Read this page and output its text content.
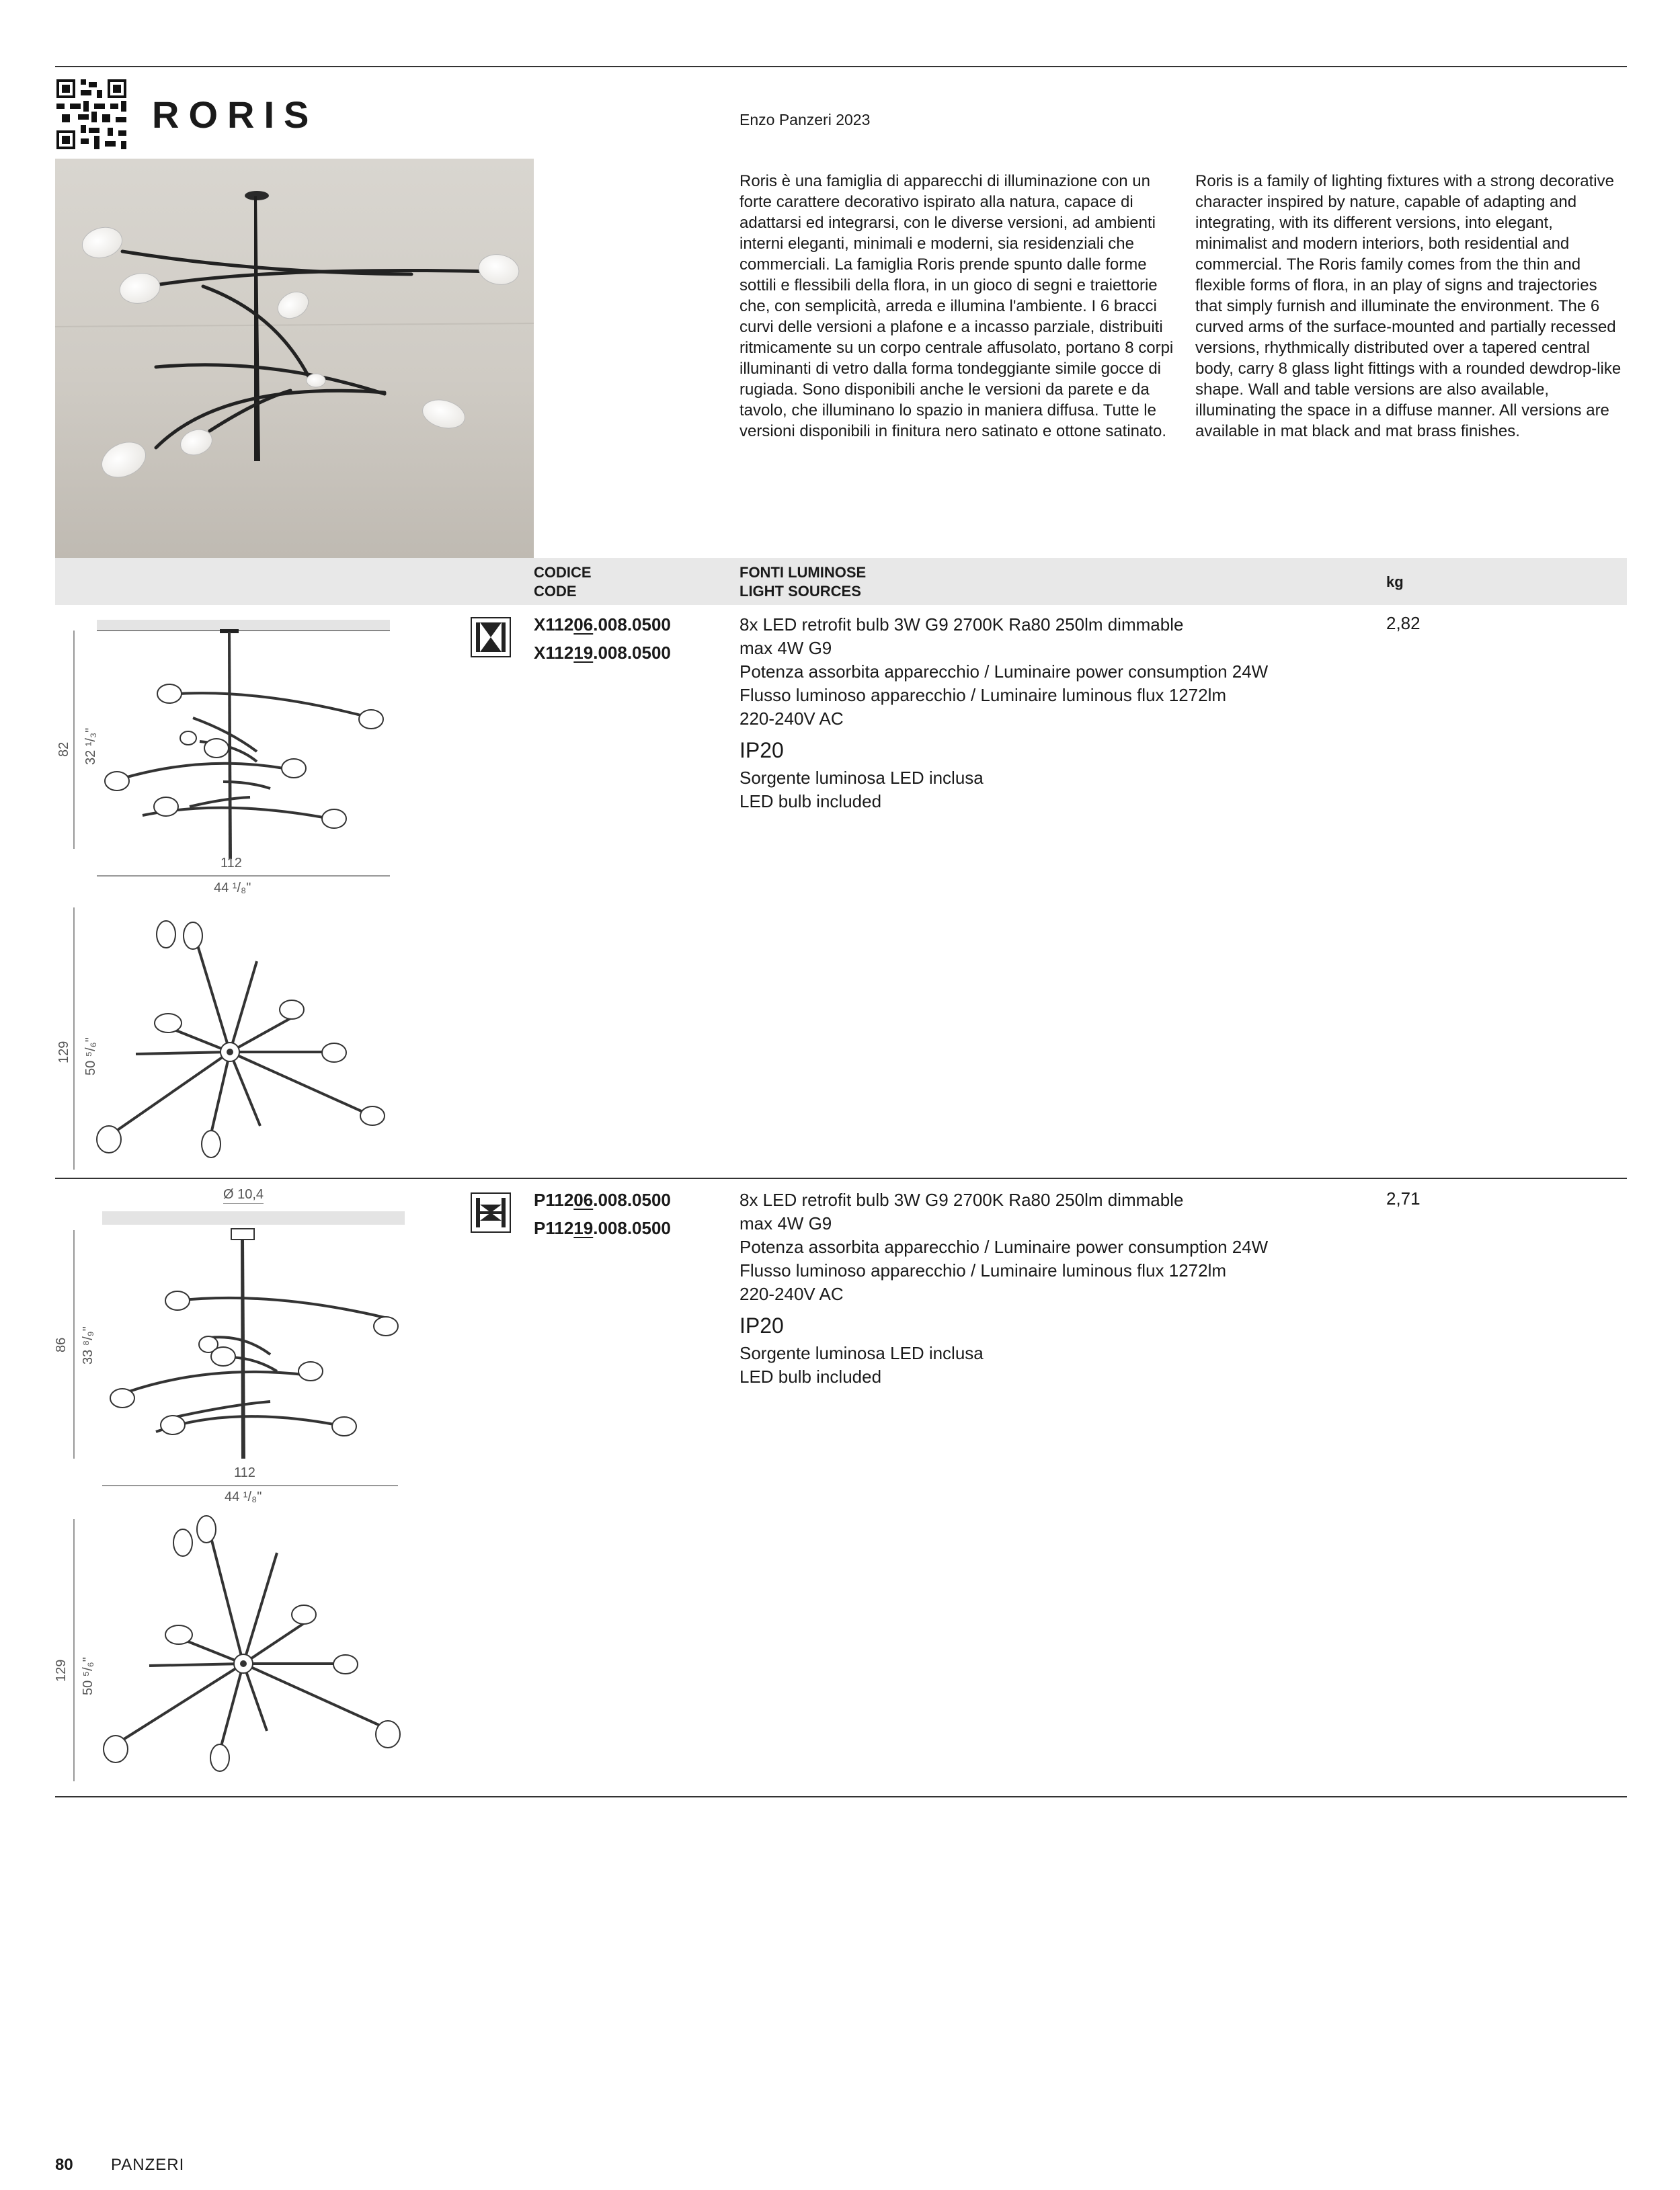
RORIS	Enzo Panzeri 2023
Roris è una famiglia di apparecchi di illuminazione con un forte carattere decorativo ispirato alla natura, capace di adattarsi ed integrarsi, con le diverse versioni, ad ambienti interni eleganti, minimali e moderni, sia residenziali che commerciali. La famiglia Roris prende spunto dalle forme sottili e flessibili della flora, in un gioco di segni e traiettorie che, con semplicità, arreda e illumina l'ambiente. I 6 bracci curvi delle versioni a plafone e a incasso parziale, distribuiti ritmicamente su un corpo centrale affusolato, portano 8 corpi illuminanti di vetro dalla forma tondeggiante simile gocce di rugiada. Sono disponibili anche le versioni da parete e da tavolo, che illuminano lo spazio in maniera diffusa. Tutte le versioni disponibili in finitura nero satinato e ottone satinato.
Roris is a family of lighting fixtures with a strong decorative character inspired by nature, capable of adapting and integrating, with its different versions, into elegant, minimalist and modern interiors, both residential and commercial. The Roris family comes from the thin and flexible forms of flora, in an play of signs and trajectories that simply furnish and illuminate the environment. The 6 curved arms of the surface-mounted and partially recessed versions, rhythmically distributed over a tapered central body, carry 8 glass light fittings with a rounded dewdrop-like shape. Wall and table versions are also available, illuminating the space in a diffuse manner. All versions are available in mat black and mat brass finishes.
CODICE
CODE
FONTI LUMINOSE
LIGHT SOURCES
kg
82 32 ¹/₃"
112
44 ¹/₈"
129 50 ⁵/₆"
X11206.008.0500
X11219.008.0500
8x LED retrofit bulb 3W G9 2700K Ra80 250lm dimmable
max 4W G9
Potenza assorbita apparecchio / Luminaire power consumption 24W
Flusso luminoso apparecchio / Luminaire luminous flux 1272lm
220-240V AC
IP20
Sorgente luminosa LED inclusa
LED bulb included
2,82
Ø 10,4
86 33 ⁸/₉"
112
44 ¹/₈"
129 50 ⁵/₆"
P11206.008.0500
P11219.008.0500
8x LED retrofit bulb 3W G9 2700K Ra80 250lm dimmable
max 4W G9
Potenza assorbita apparecchio / Luminaire power consumption 24W
Flusso luminoso apparecchio / Luminaire luminous flux 1272lm
220-240V AC
IP20
Sorgente luminosa LED inclusa
LED bulb included
2,71
80 PANZERI
